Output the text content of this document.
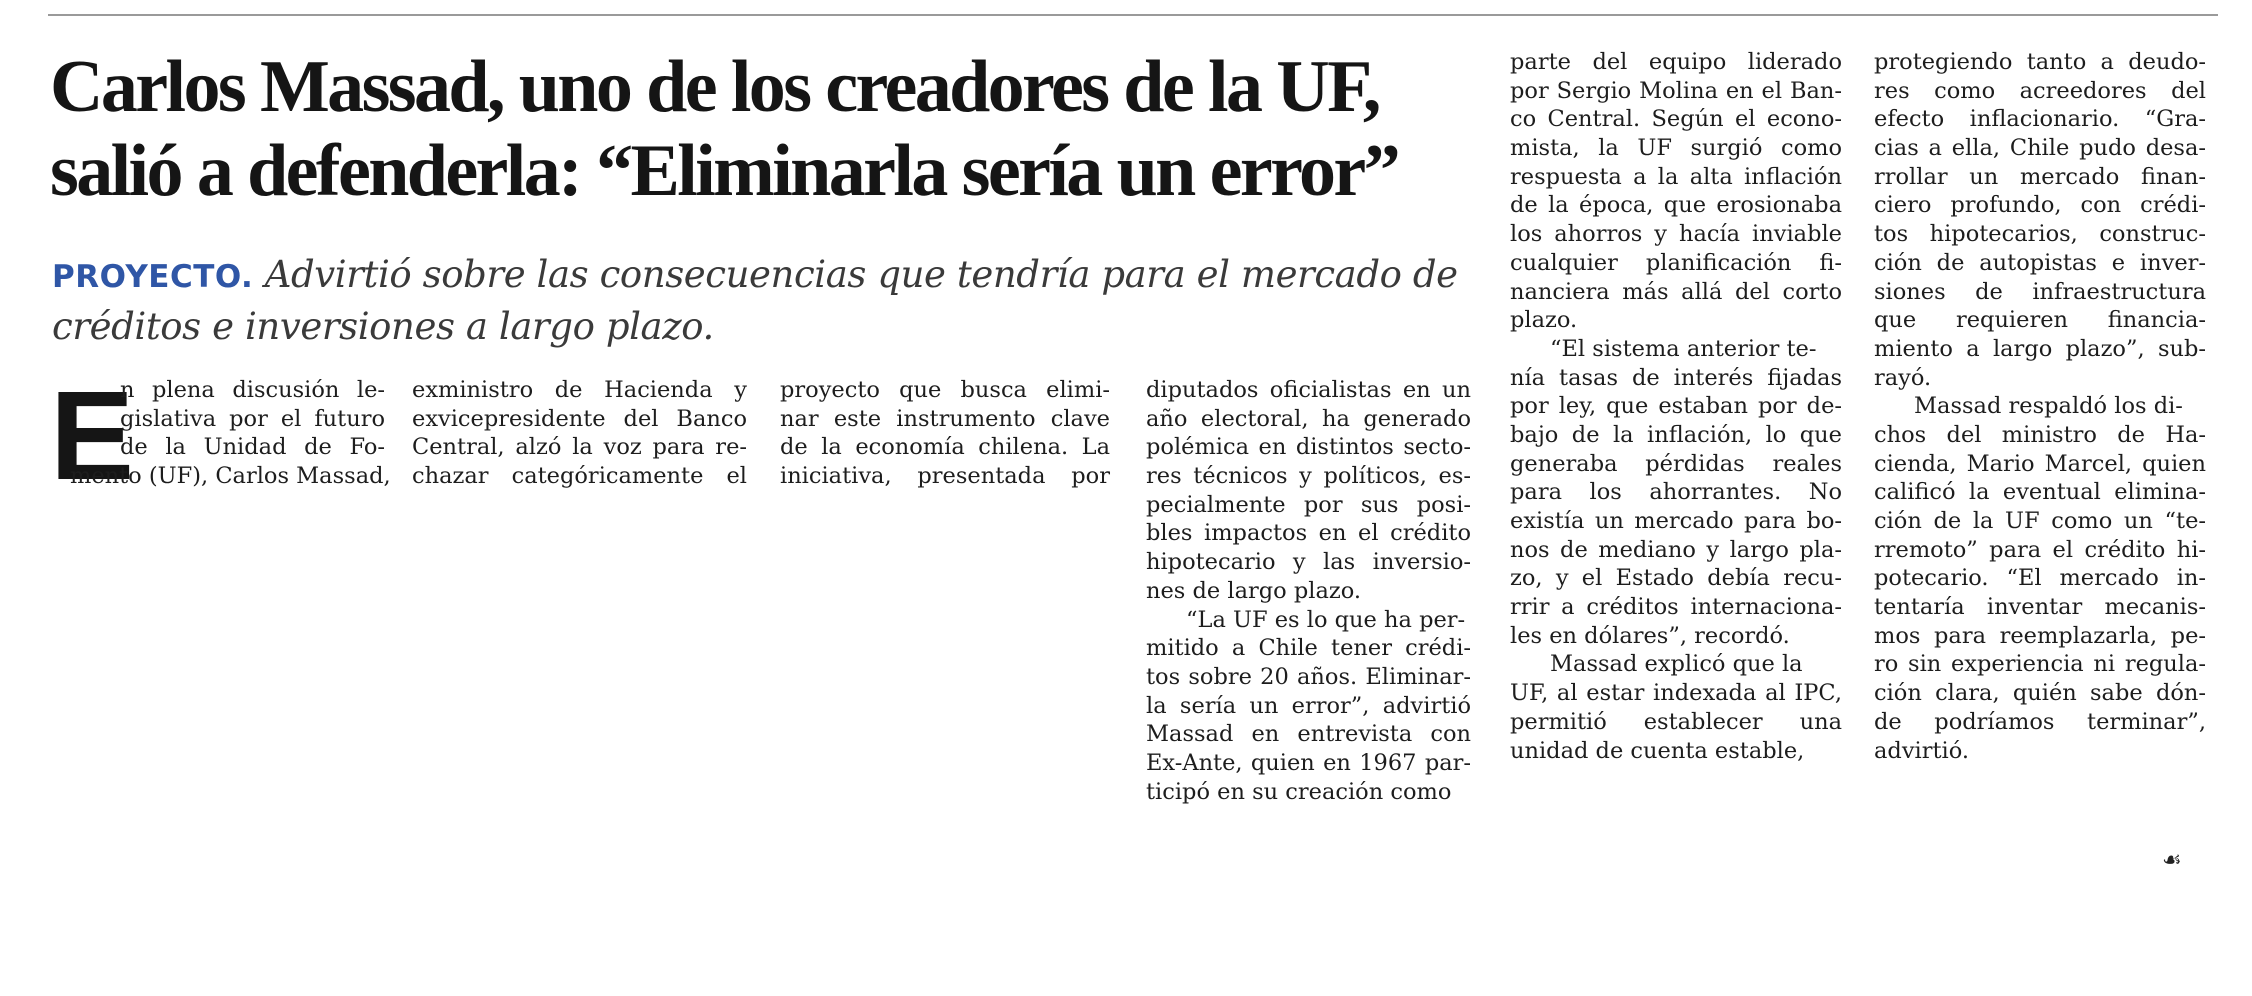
Carlos Massad, uno de los creadores de la UF,
salió a defenderla: “Eliminarla sería un error”
PROYECTO. Advirtió sobre las consecuencias que tendría para el mercado de
créditos e inversiones a largo plazo.
E
n plena discusión le-
gislativa por el futuro
de la Unidad de Fo-
mento (UF), Carlos Massad,
exministro de Hacienda y
exvicepresidente del Banco
Central, alzó la voz para re-
chazar categóricamente el
proyecto que busca elimi-
nar este instrumento clave
de la economía chilena. La
iniciativa, presentada por
diputados oficialistas en un
año electoral, ha generado
polémica en distintos secto-
res técnicos y políticos, es-
pecialmente por sus posi-
bles impactos en el crédito
hipotecario y las inversio-
nes de largo plazo.
“La UF es lo que ha per-
mitido a Chile tener crédi-
tos sobre 20 años. Eliminar-
la sería un error”, advirtió
Massad en entrevista con
Ex-Ante, quien en 1967 par-
ticipó en su creación como
parte del equipo liderado
por Sergio Molina en el Ban-
co Central. Según el econo-
mista, la UF surgió como
respuesta a la alta inflación
de la época, que erosionaba
los ahorros y hacía inviable
cualquier planificación fi-
nanciera más allá del corto
plazo.
“El sistema anterior te-
nía tasas de interés fijadas
por ley, que estaban por de-
bajo de la inflación, lo que
generaba pérdidas reales
para los ahorrantes. No
existía un mercado para bo-
nos de mediano y largo pla-
zo, y el Estado debía recu-
rrir a créditos internaciona-
les en dólares”, recordó.
Massad explicó que la
UF, al estar indexada al IPC,
permitió establecer una
unidad de cuenta estable,
protegiendo tanto a deudo-
res como acreedores del
efecto inflacionario. “Gra-
cias a ella, Chile pudo desa-
rrollar un mercado finan-
ciero profundo, con crédi-
tos hipotecarios, construc-
ción de autopistas e inver-
siones de infraestructura
que requieren financia-
miento a largo plazo”, sub-
rayó.
Massad respaldó los di-
chos del ministro de Ha-
cienda, Mario Marcel, quien
calificó la eventual elimina-
ción de la UF como un “te-
rremoto” para el crédito hi-
potecario. “El mercado in-
tentaría inventar mecanis-
mos para reemplazarla, pe-
ro sin experiencia ni regula-
ción clara, quién sabe dón-
de podríamos terminar”,
advirtió.
☙
